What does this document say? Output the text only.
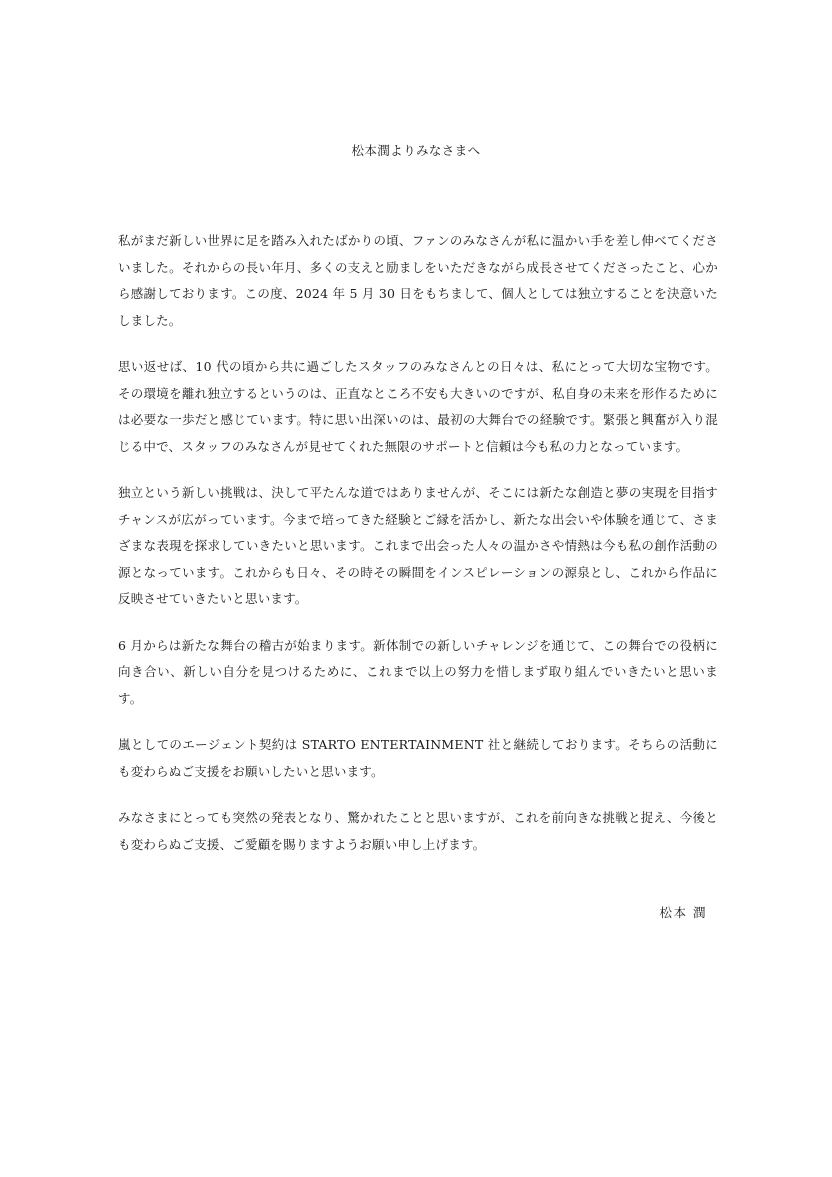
松本潤よりみなさまへ

私がまだ新しい世界に足を踏み入れたばかりの頃、ファンのみなさんが私に温かい手を差し伸べてくださいました。それからの長い年月、多くの支えと励ましをいただきながら成長させてくださったこと、心から感謝しております。この度、2024 年 5 月 30 日をもちまして、個人としては独立することを決意いたしました。

思い返せば、10 代の頃から共に過ごしたスタッフのみなさんとの日々は、私にとって大切な宝物です。その環境を離れ独立するというのは、正直なところ不安も大きいのですが、私自身の未来を形作るためには必要な一歩だと感じています。特に思い出深いのは、最初の大舞台での経験です。緊張と興奮が入り混じる中で、スタッフのみなさんが見せてくれた無限のサポートと信頼は今も私の力となっています。

独立という新しい挑戦は、決して平たんな道ではありませんが、そこには新たな創造と夢の実現を目指すチャンスが広がっています。今まで培ってきた経験とご縁を活かし、新たな出会いや体験を通じて、さまざまな表現を探求していきたいと思います。これまで出会った人々の温かさや情熱は今も私の創作活動の源となっています。これからも日々、その時その瞬間をインスピレーションの源泉とし、これから作品に反映させていきたいと思います。

6 月からは新たな舞台の稽古が始まります。新体制での新しいチャレンジを通じて、この舞台での役柄に向き合い、新しい自分を見つけるために、これまで以上の努力を惜しまず取り組んでいきたいと思います。

嵐としてのエージェント契約は STARTO ENTERTAINMENT 社と継続しております。そちらの活動にも変わらぬご支援をお願いしたいと思います。

みなさまにとっても突然の発表となり、驚かれたことと思いますが、これを前向きな挑戦と捉え、今後とも変わらぬご支援、ご愛顧を賜りますようお願い申し上げます。

松本 潤
